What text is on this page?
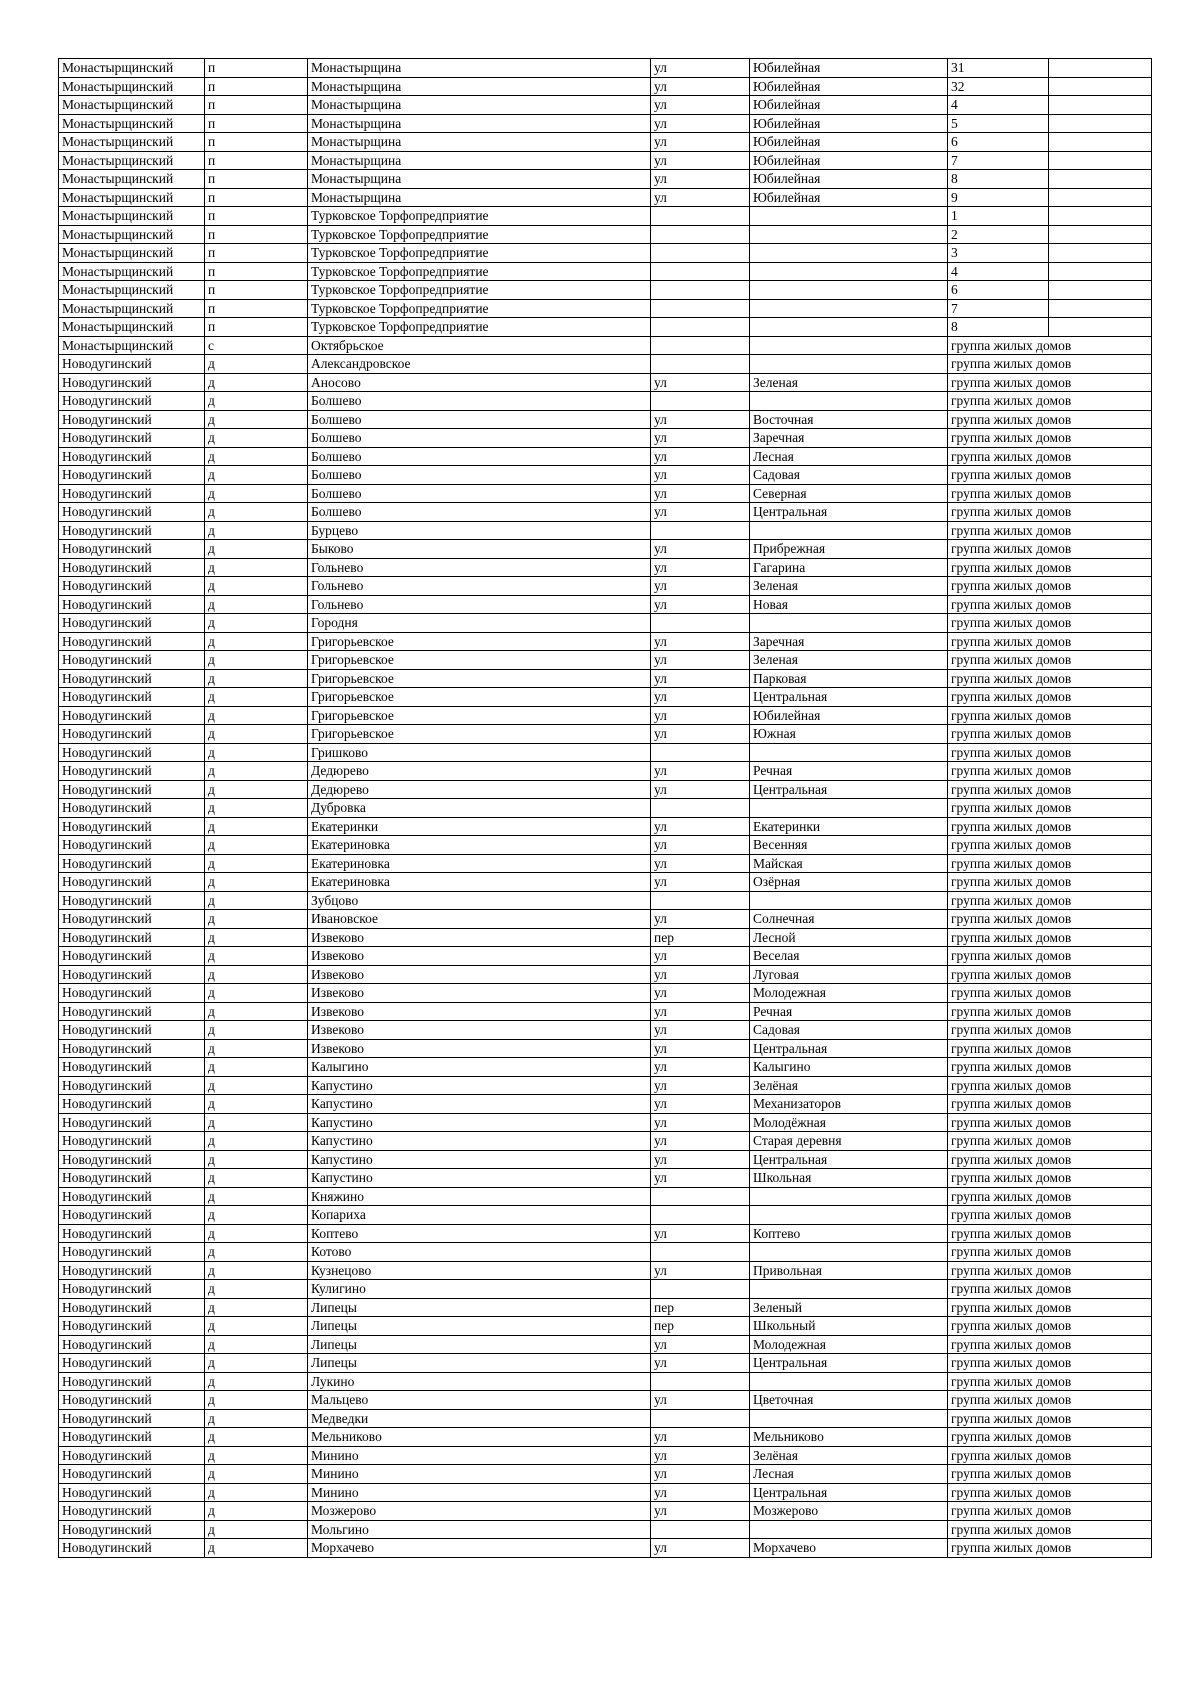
Монастырщинский	п	Монастырщина	ул	Юбилейная	31	
Монастырщинский	п	Монастырщина	ул	Юбилейная	32	
Монастырщинский	п	Монастырщина	ул	Юбилейная	4	
Монастырщинский	п	Монастырщина	ул	Юбилейная	5	
Монастырщинский	п	Монастырщина	ул	Юбилейная	6	
Монастырщинский	п	Монастырщина	ул	Юбилейная	7	
Монастырщинский	п	Монастырщина	ул	Юбилейная	8	
Монастырщинский	п	Монастырщина	ул	Юбилейная	9	
Монастырщинский	п	Турковское Торфопредприятие			1	
Монастырщинский	п	Турковское Торфопредприятие			2	
Монастырщинский	п	Турковское Торфопредприятие			3	
Монастырщинский	п	Турковское Торфопредприятие			4	
Монастырщинский	п	Турковское Торфопредприятие			6	
Монастырщинский	п	Турковское Торфопредприятие			7	
Монастырщинский	п	Турковское Торфопредприятие			8	
Монастырщинский	с	Октябрьское			группа жилых домов	
Новодугинский	д	Александровское			группа жилых домов	
Новодугинский	д	Аносово	ул	Зеленая	группа жилых домов	
Новодугинский	д	Болшево			группа жилых домов	
Новодугинский	д	Болшево	ул	Восточная	группа жилых домов	
Новодугинский	д	Болшево	ул	Заречная	группа жилых домов	
Новодугинский	д	Болшево	ул	Лесная	группа жилых домов	
Новодугинский	д	Болшево	ул	Садовая	группа жилых домов	
Новодугинский	д	Болшево	ул	Северная	группа жилых домов	
Новодугинский	д	Болшево	ул	Центральная	группа жилых домов	
Новодугинский	д	Бурцево			группа жилых домов	
Новодугинский	д	Быково	ул	Прибрежная	группа жилых домов	
Новодугинский	д	Гольнево	ул	Гагарина	группа жилых домов	
Новодугинский	д	Гольнево	ул	Зеленая	группа жилых домов	
Новодугинский	д	Гольнево	ул	Новая	группа жилых домов	
Новодугинский	д	Городня			группа жилых домов	
Новодугинский	д	Григорьевское	ул	Заречная	группа жилых домов	
Новодугинский	д	Григорьевское	ул	Зеленая	группа жилых домов	
Новодугинский	д	Григорьевское	ул	Парковая	группа жилых домов	
Новодугинский	д	Григорьевское	ул	Центральная	группа жилых домов	
Новодугинский	д	Григорьевское	ул	Юбилейная	группа жилых домов	
Новодугинский	д	Григорьевское	ул	Южная	группа жилых домов	
Новодугинский	д	Гришково			группа жилых домов	
Новодугинский	д	Дедюрево	ул	Речная	группа жилых домов	
Новодугинский	д	Дедюрево	ул	Центральная	группа жилых домов	
Новодугинский	д	Дубровка			группа жилых домов	
Новодугинский	д	Екатеринки	ул	Екатеринки	группа жилых домов	
Новодугинский	д	Екатериновка	ул	Весенняя	группа жилых домов	
Новодугинский	д	Екатериновка	ул	Майская	группа жилых домов	
Новодугинский	д	Екатериновка	ул	Озёрная	группа жилых домов	
Новодугинский	д	Зубцово			группа жилых домов	
Новодугинский	д	Ивановское	ул	Солнечная	группа жилых домов	
Новодугинский	д	Извеково	пер	Лесной	группа жилых домов	
Новодугинский	д	Извеково	ул	Веселая	группа жилых домов	
Новодугинский	д	Извеково	ул	Луговая	группа жилых домов	
Новодугинский	д	Извеково	ул	Молодежная	группа жилых домов	
Новодугинский	д	Извеково	ул	Речная	группа жилых домов	
Новодугинский	д	Извеково	ул	Садовая	группа жилых домов	
Новодугинский	д	Извеково	ул	Центральная	группа жилых домов	
Новодугинский	д	Калыгино	ул	Калыгино	группа жилых домов	
Новодугинский	д	Капустино	ул	Зелёная	группа жилых домов	
Новодугинский	д	Капустино	ул	Механизаторов	группа жилых домов	
Новодугинский	д	Капустино	ул	Молодёжная	группа жилых домов	
Новодугинский	д	Капустино	ул	Старая деревня	группа жилых домов	
Новодугинский	д	Капустино	ул	Центральная	группа жилых домов	
Новодугинский	д	Капустино	ул	Школьная	группа жилых домов	
Новодугинский	д	Княжино			группа жилых домов	
Новодугинский	д	Копариха			группа жилых домов	
Новодугинский	д	Коптево	ул	Коптево	группа жилых домов	
Новодугинский	д	Котово			группа жилых домов	
Новодугинский	д	Кузнецово	ул	Привольная	группа жилых домов	
Новодугинский	д	Кулигино			группа жилых домов	
Новодугинский	д	Липецы	пер	Зеленый	группа жилых домов	
Новодугинский	д	Липецы	пер	Школьный	группа жилых домов	
Новодугинский	д	Липецы	ул	Молодежная	группа жилых домов	
Новодугинский	д	Липецы	ул	Центральная	группа жилых домов	
Новодугинский	д	Лукино			группа жилых домов	
Новодугинский	д	Мальцево	ул	Цветочная	группа жилых домов	
Новодугинский	д	Медведки			группа жилых домов	
Новодугинский	д	Мельниково	ул	Мельниково	группа жилых домов	
Новодугинский	д	Минино	ул	Зелёная	группа жилых домов	
Новодугинский	д	Минино	ул	Лесная	группа жилых домов	
Новодугинский	д	Минино	ул	Центральная	группа жилых домов	
Новодугинский	д	Мозжерово	ул	Мозжерово	группа жилых домов	
Новодугинский	д	Мольгино			группа жилых домов	
Новодугинский	д	Морхачево	ул	Морхачево	группа жилых домов	
